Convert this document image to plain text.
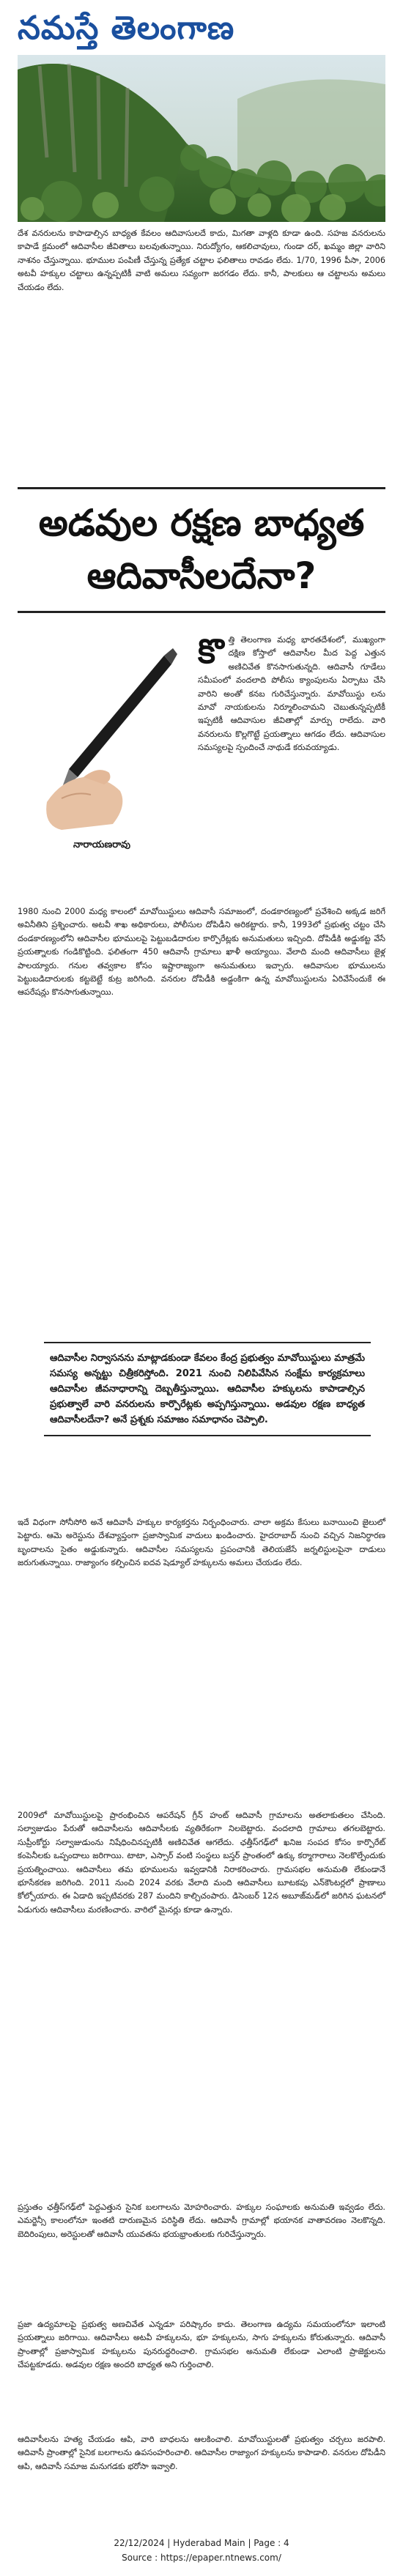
నమస్తే తెలంగాణ
దేశ వనరులను కాపాడాల్సిన బాధ్యత కేవలం ఆదివాసులదే కాదు, మిగతా వాళ్లది కూడా ఉంది. సహజ వనరులను కాపాడే క్రమంలో ఆదివాసీల జీవితాలు బలవుతున్నాయి. నిరుద్యోగం, ఆకలిచావులు, గుండా దర్, ఖమ్మం జిల్లా వారిని నాశనం చేస్తున్నాయి. భూముల పంపిణీ చేస్తున్న ప్రత్యేక చట్టాల ఫలితాలు రావడం లేదు. 1/70, 1996 పీసా, 2006 అటవీ హక్కుల చట్టాలు ఉన్నప్పటికీ వాటి అమలు సవ్యంగా జరగడం లేదు. కానీ, పాలకులు ఆ చట్టాలను అమలు చేయడం లేదు.
అడవుల రక్షణ బాధ్యత
ఆదివాసీలదేనా?
నారాయణరావు
కొ త్తి తెలంగాణ మధ్య భారతదేశంలో, ముఖ్యంగా దక్షిణ కోస్తాలో ఆదివాసీల మీద పెద్ద ఎత్తున అణిచివేత కొనసాగుతున్నది. ఆదివాసీ గూడేలు సమీపంలో వందలాది పోలీసు క్యాంపులను ఏర్పాటు చేసి వారిని అంతో కనబ గురిచేస్తున్నారు. మావోయిస్టు లను మావో నాయకులను నిర్మూలించామని చెబుతున్నప్పటికీ ఇప్పటికీ ఆదివాసుల జీవితాల్లో మార్పు రాలేదు. వారి వనరులను కొల్లగొట్టే ప్రయత్నాలు ఆగడం లేదు. ఆదివాసుల సమస్యలపై స్పందించే నాథుడే కరువయ్యాడు.
1980 నుంచి 2000 మధ్య కాలంలో మావోయిస్టులు ఆదివాసీ సమాజంలో, దండకారణ్యంలో ప్రవేశించి అక్కడ జరిగే అవినీతిని ప్రశ్నించారు. అటవీ శాఖ అధికారులు, పోలీసుల దోపిడీని అరికట్టారు. కానీ, 1993లో ప్రభుత్వ చట్టం చేసి దండకారణ్యంలోని ఆదివాసీల భూములపై పెట్టుబడిదారుల కార్పొరేట్లకు అనుమతులు ఇచ్చింది. దోపిడీకి అడ్డుకట్ట వేసే ప్రయత్నాలకు గండికొట్టింది. ఫలితంగా 450 ఆదివాసీ గ్రామాలు ఖాళీ అయ్యాయి. వేలాది మంది ఆదివాసీలు జైళ్ల పాలయ్యారు. గనుల తవ్వకాల కోసం ఇష్టారాజ్యంగా అనుమతులు ఇచ్చారు. ఆదివాసుల భూములను పెట్టుబడిదారులకు కట్టబెట్టే కుట్ర జరిగింది. వనరుల దోపిడీకి అడ్డంకిగా ఉన్న మావోయిస్టులను ఏరివేసేందుకే ఈ ఆపరేషన్లు కొనసాగుతున్నాయి.
ఆదివాసీల నిర్వాసనను మాట్లాడకుండా కేవలం కేంద్ర ప్రభుత్వం మావోయిస్టులు మాత్రమే సమస్య అన్నట్టు చిత్రీకరిస్తోంది. 2021 నుంచి నిలిపివేసిన సంక్షేమ కార్యక్రమాలు ఆదివాసీల జీవనాధారాన్ని దెబ్బతీస్తున్నాయి. ఆదివాసీల హక్కులను కాపాడాల్సిన ప్రభుత్వాలే వారి వనరులను కార్పొరేట్లకు అప్పగిస్తున్నాయి. అడవుల రక్షణ బాధ్యత ఆదివాసీలదేనా? అనే ప్రశ్నకు సమాజం సమాధానం చెప్పాలి.
ఇదే విధంగా సోనీసోరి అనే ఆదివాసీ హక్కుల కార్యకర్తను నిర్బంధించారు. చాలా అక్రమ కేసులు బనాయించి జైలులో పెట్టారు. ఆమె అరెస్టును దేశవ్యాప్తంగా ప్రజాస్వామిక వాదులు ఖండించారు. హైదరాబాద్ నుంచి వచ్చిన నిజనిర్ధారణ బృందాలను సైతం అడ్డుకున్నారు. ఆదివాసీల సమస్యలను ప్రపంచానికి తెలియజేసే జర్నలిస్టులపైనా దాడులు జరుగుతున్నాయి. రాజ్యాంగం కల్పించిన ఐదవ షెడ్యూల్ హక్కులను అమలు చేయడం లేదు.
2009లో మావోయిస్టులపై ప్రారంభించిన ఆపరేషన్ గ్రీన్ హంట్ ఆదివాసీ గ్రామాలను అతలాకుతలం చేసింది. సల్వాజుడుం పేరుతో ఆదివాసీలను ఆదివాసీలకు వ్యతిరేకంగా నిలబెట్టారు. వందలాది గ్రామాలు తగలబెట్టారు. సుప్రీంకోర్టు సల్వాజుడుంను నిషేధించినప్పటికీ అణిచివేత ఆగలేదు. ఛత్తీస్‌గఢ్‌లో ఖనిజ సంపద కోసం కార్పొరేట్ కంపెనీలకు ఒప్పందాలు జరిగాయి. టాటా, ఎస్సార్ వంటి సంస్థలు బస్తర్ ప్రాంతంలో ఉక్కు కర్మాగారాలు నెలకొల్పేందుకు ప్రయత్నించాయి. ఆదివాసీలు తమ భూములను ఇవ్వడానికి నిరాకరించారు. గ్రామసభల అనుమతి లేకుండానే భూసేకరణ జరిగింది. 2011 నుంచి 2024 వరకు వేలాది మంది ఆదివాసీలు బూటకపు ఎన్‌కౌంటర్లలో ప్రాణాలు కోల్పోయారు. ఈ ఏడాది ఇప్పటివరకు 287 మందిని కాల్చిచంపారు. డిసెంబర్ 12న అబూజ్‌మడ్‌లో జరిగిన ఘటనలో ఏడుగురు ఆదివాసీలు మరణించారు. వారిలో మైనర్లు కూడా ఉన్నారు.
ప్రస్తుతం ఛత్తీస్‌గఢ్‌లో పెద్దఎత్తున సైనిక బలగాలను మోహరించారు. హక్కుల సంఘాలకు అనుమతి ఇవ్వడం లేదు. ఎమర్జెన్సీ కాలంలోనూ ఇంతటి దారుణమైన పరిస్థితి లేదు. ఆదివాసీ గ్రామాల్లో భయానక వాతావరణం నెలకొన్నది. బెదిరింపులు, అరెస్టులతో ఆదివాసీ యువతను భయభ్రాంతులకు గురిచేస్తున్నారు.
ప్రజా ఉద్యమాలపై ప్రభుత్వ అణచివేత ఎన్నడూ పరిష్కారం కాదు. తెలంగాణ ఉద్యమ సమయంలోనూ ఇలాంటి ప్రయత్నాలు జరిగాయి. ఆదివాసీలు అటవీ హక్కులను, భూ హక్కులను, సాగు హక్కులను కోరుతున్నారు. ఆదివాసీ ప్రాంతాల్లో ప్రజాస్వామిక హక్కులను పునరుద్ధరించాలి. గ్రామసభల అనుమతి లేకుండా ఎలాంటి ప్రాజెక్టులను చేపట్టకూడదు. అడవుల రక్షణ అందరి బాధ్యత అని గుర్తించాలి.
ఆదివాసీలను హత్య చేయడం ఆపి, వారి బాధలను ఆలకించాలి. మావోయిస్టులతో ప్రభుత్వం చర్చలు జరపాలి. ఆదివాసీ ప్రాంతాల్లో సైనిక బలగాలను ఉపసంహరించాలి. ఆదివాసీల రాజ్యాంగ హక్కులను కాపాడాలి. వనరుల దోపిడీని ఆపి, ఆదివాసీ సమాజ మనుగడకు భరోసా ఇవ్వాలి.
22/12/2024 | Hyderabad Main | Page : 4
Source : https://epaper.ntnews.com/
